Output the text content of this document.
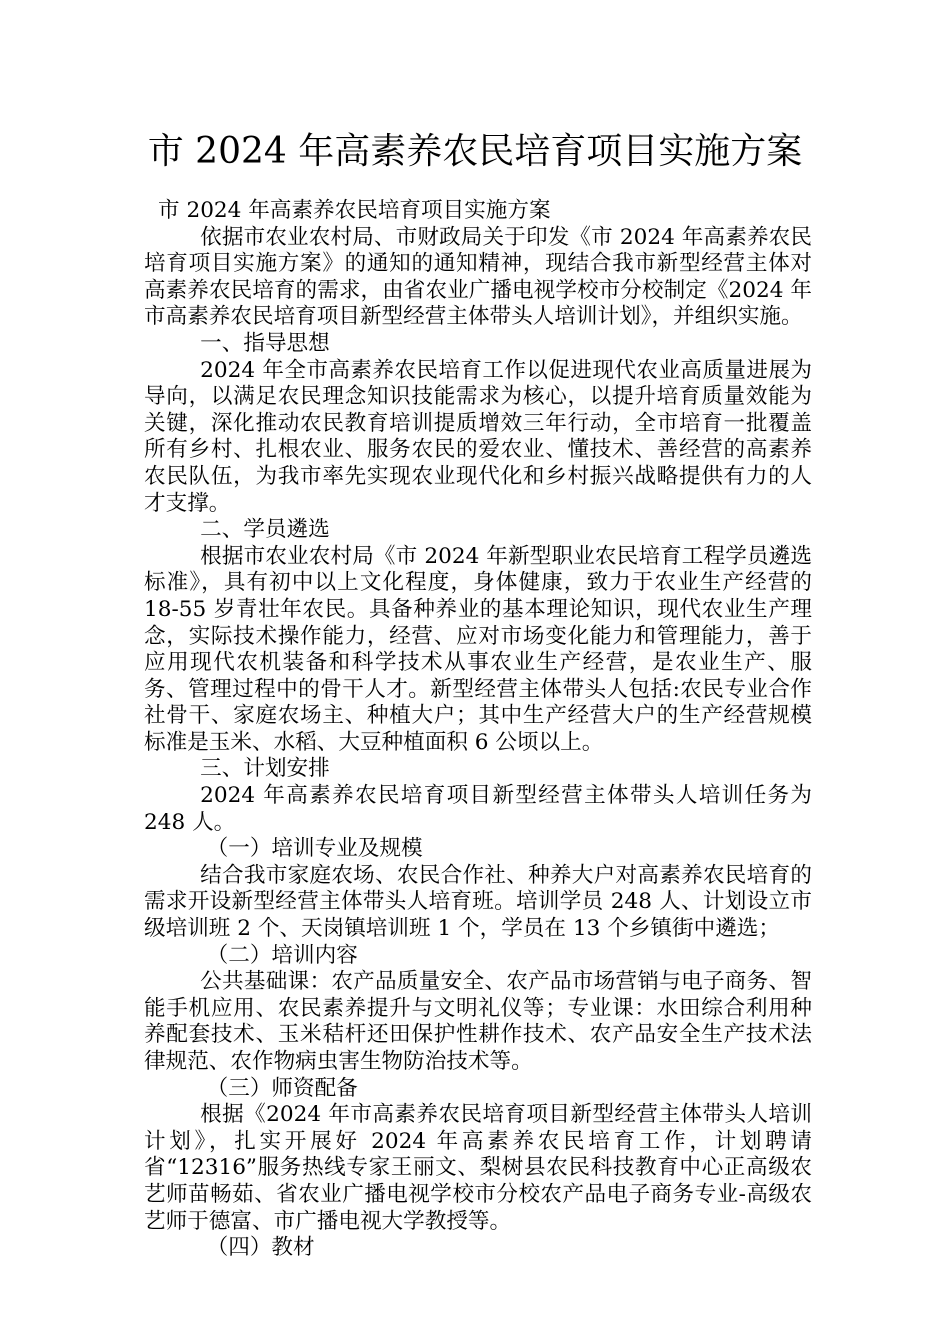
市 2024 年高素养农民培育项目实施方案

市 2024 年高素养农民培育项目实施方案

依据市农业农村局、市财政局关于印发《市 2024 年高素养农民培育项目实施方案》的通知的通知精神，现结合我市新型经营主体对高素养农民培育的需求，由省农业广播电视学校市分校制定《2024 年市高素养农民培育项目新型经营主体带头人培训计划》，并组织实施。

一、指导思想

2024 年全市高素养农民培育工作以促进现代农业高质量进展为导向，以满足农民理念知识技能需求为核心，以提升培育质量效能为关键，深化推动农民教育培训提质增效三年行动，全市培育一批覆盖所有乡村、扎根农业、服务农民的爱农业、懂技术、善经营的高素养农民队伍，为我市率先实现农业现代化和乡村振兴战略提供有力的人才支撑。

二、学员遴选

根据市农业农村局《市 2024 年新型职业农民培育工程学员遴选标准》，具有初中以上文化程度，身体健康，致力于农业生产经营的 18-55 岁青壮年农民。具备种养业的基本理论知识，现代农业生产理念，实际技术操作能力，经营、应对市场变化能力和管理能力，善于应用现代农机装备和科学技术从事农业生产经营，是农业生产、服务、管理过程中的骨干人才。新型经营主体带头人包括:农民专业合作社骨干、家庭农场主、种植大户；其中生产经营大户的生产经营规模标准是玉米、水稻、大豆种植面积 6 公顷以上。

三、计划安排

2024 年高素养农民培育项目新型经营主体带头人培训任务为 248 人。

（一）培训专业及规模

结合我市家庭农场、农民合作社、种养大户对高素养农民培育的需求开设新型经营主体带头人培育班。培训学员 248 人、计划设立市级培训班 2 个、天岗镇培训班 1 个，学员在 13 个乡镇街中遴选；

（二）培训内容

公共基础课：农产品质量安全、农产品市场营销与电子商务、智能手机应用、农民素养提升与文明礼仪等；专业课：水田综合利用种养配套技术、玉米秸杆还田保护性耕作技术、农产品安全生产技术法律规范、农作物病虫害生物防治技术等。

（三）师资配备

根据《2024 年市高素养农民培育项目新型经营主体带头人培训计划》，扎实开展好 2024 年高素养农民培育工作，计划聘请省“12316”服务热线专家王丽文、梨树县农民科技教育中心正高级农艺师苗畅茹、省农业广播电视学校市分校农产品电子商务专业-高级农艺师于德富、市广播电视大学教授等。

（四）教材
